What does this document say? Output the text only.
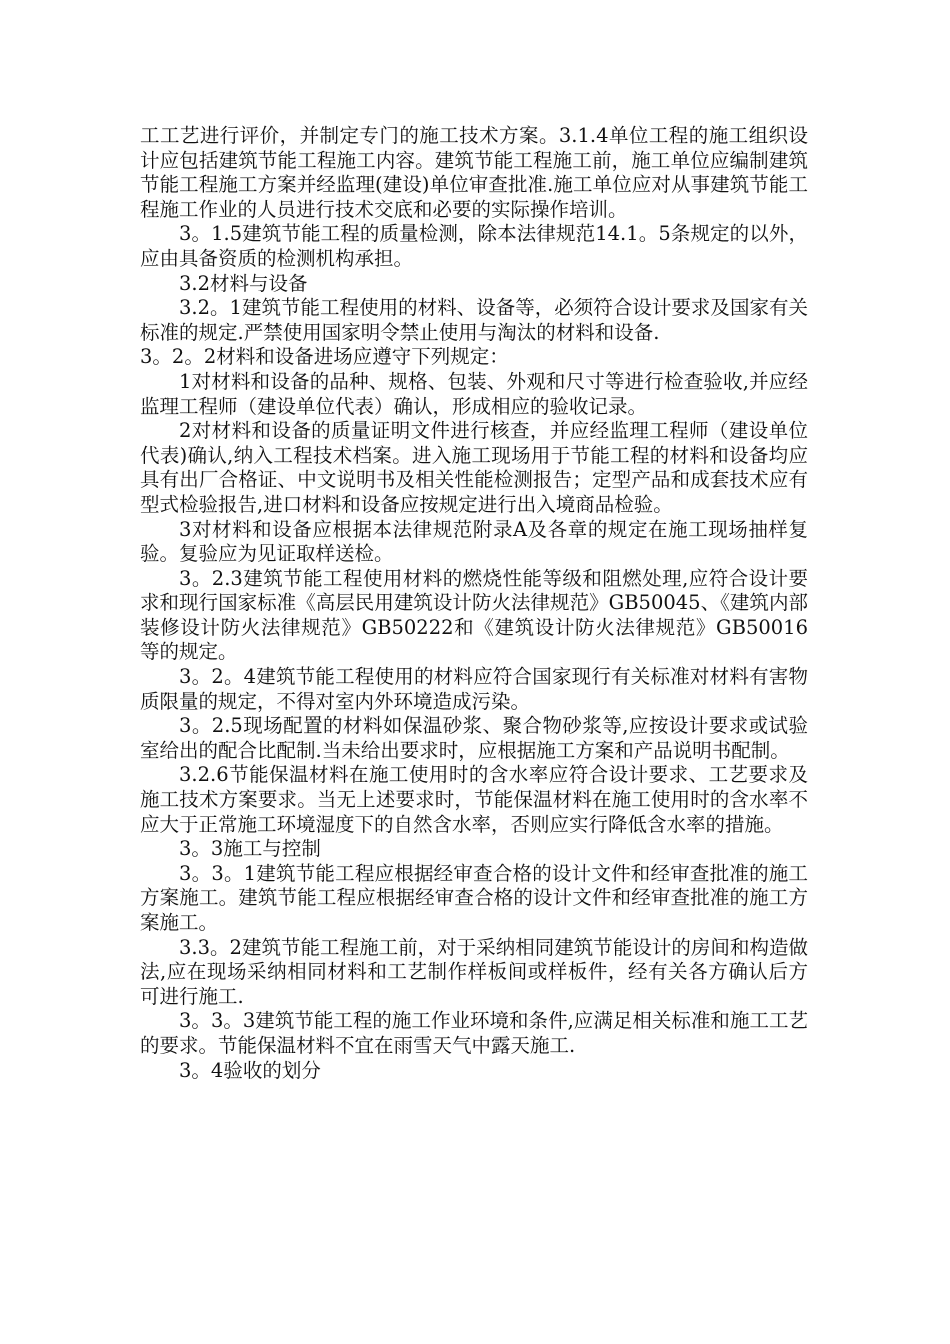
工工艺进行评价，并制定专门的施工技术方案。3.1.4单位工程的施工组织设计应包括建筑节能工程施工内容。建筑节能工程施工前，施工单位应编制建筑节能工程施工方案并经监理(建设)单位审查批准.施工单位应对从事建筑节能工程施工作业的人员进行技术交底和必要的实际操作培训。

3。1.5建筑节能工程的质量检测，除本法律规范14.1。5条规定的以外，应由具备资质的检测机构承担。

3.2材料与设备

3.2。1建筑节能工程使用的材料、设备等，必须符合设计要求及国家有关标准的规定.严禁使用国家明令禁止使用与淘汰的材料和设备.

3。2。2材料和设备进场应遵守下列规定：

1对材料和设备的品种、规格、包装、外观和尺寸等进行检查验收,并应经监理工程师（建设单位代表）确认，形成相应的验收记录。

2对材料和设备的质量证明文件进行核查，并应经监理工程师（建设单位代表)确认,纳入工程技术档案。进入施工现场用于节能工程的材料和设备均应具有出厂合格证、中文说明书及相关性能检测报告；定型产品和成套技术应有型式检验报告,进口材料和设备应按规定进行出入境商品检验。

3对材料和设备应根据本法律规范附录A及各章的规定在施工现场抽样复验。复验应为见证取样送检。

3。2.3建筑节能工程使用材料的燃烧性能等级和阻燃处理,应符合设计要求和现行国家标准《高层民用建筑设计防火法律规范》GB50045、《建筑内部装修设计防火法律规范》GB50222和《建筑设计防火法律规范》GB50016等的规定。

3。2。4建筑节能工程使用的材料应符合国家现行有关标准对材料有害物质限量的规定，不得对室内外环境造成污染。

3。2.5现场配置的材料如保温砂浆、聚合物砂浆等,应按设计要求或试验室给出的配合比配制.当未给出要求时，应根据施工方案和产品说明书配制。

3.2.6节能保温材料在施工使用时的含水率应符合设计要求、工艺要求及施工技术方案要求。当无上述要求时，节能保温材料在施工使用时的含水率不应大于正常施工环境湿度下的自然含水率，否则应实行降低含水率的措施。

3。3施工与控制

3。3。1建筑节能工程应根据经审查合格的设计文件和经审查批准的施工方案施工。建筑节能工程应根据经审查合格的设计文件和经审查批准的施工方案施工。

3.3。2建筑节能工程施工前，对于采纳相同建筑节能设计的房间和构造做法,应在现场采纳相同材料和工艺制作样板间或样板件，经有关各方确认后方可进行施工.

3。3。3建筑节能工程的施工作业环境和条件,应满足相关标准和施工工艺的要求。节能保温材料不宜在雨雪天气中露天施工.

3。4验收的划分
